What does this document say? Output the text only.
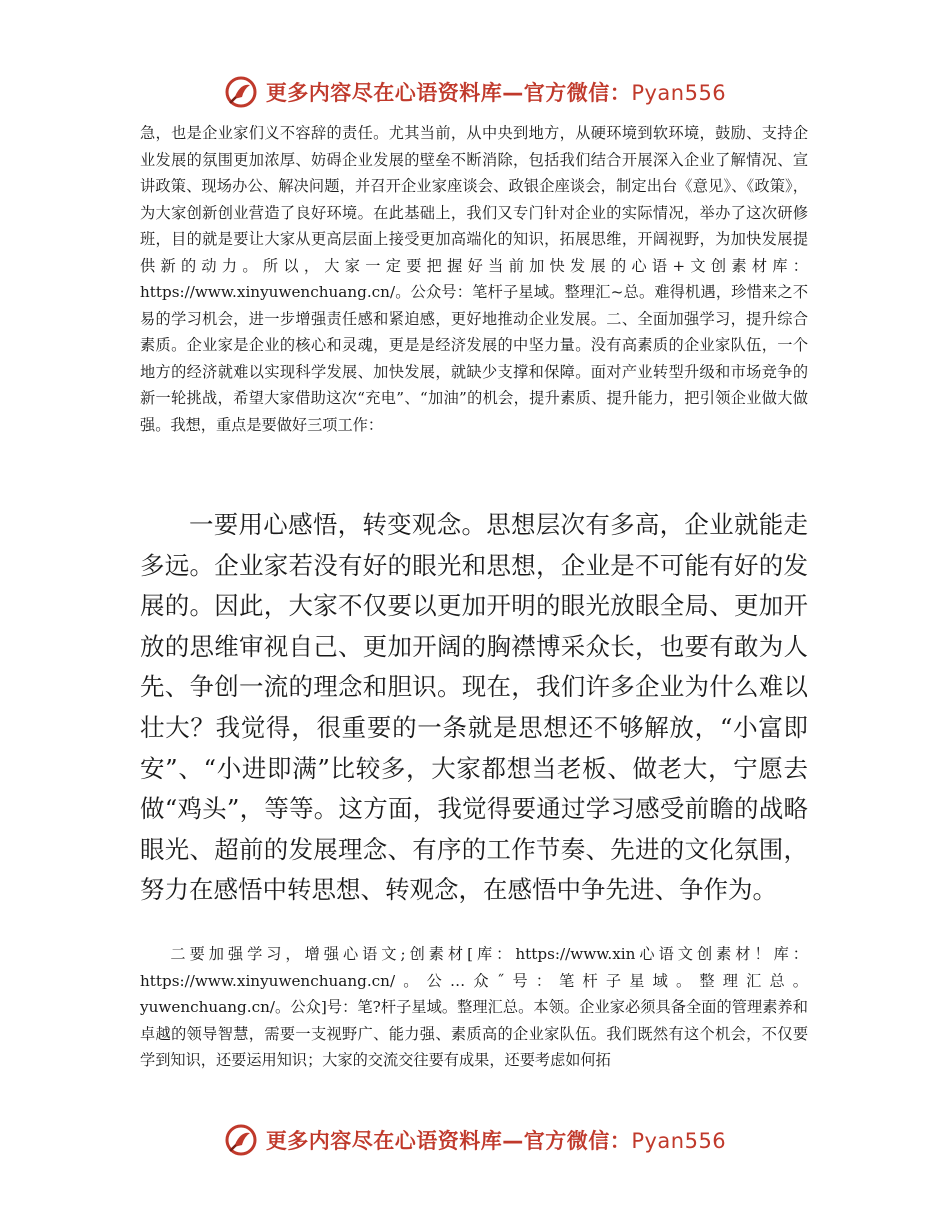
更多内容尽在心语资料库—官方微信：Pyan556

急，也是企业家们义不容辞的责任。尤其当前，从中央到地方，从硬环境到软环境，鼓励、支持企业发展的氛围更加浓厚、妨碍企业发展的壁垒不断消除，包括我们结合开展深入企业了解情况、宣讲政策、现场办公、解决问题，并召开企业家座谈会、政银企座谈会，制定出台《意见》、《政策》，为大家创新创业营造了良好环境。在此基础上，我们又专门针对企业的实际情况，举办了这次研修班，目的就是要让大家从更高层面上接受更加高端化的知识，拓展思维，开阔视野，为加快发展提供新的动力。所以，大家一定要把握好当前加快发展的心语+文创素材库：https://www.xinyuwenchuang.cn/。公众号：笔杆子星域。整理汇~总。难得机遇，珍惜来之不易的学习机会，进一步增强责任感和紧迫感，更好地推动企业发展。二、全面加强学习，提升综合素质。企业家是企业的核心和灵魂，更是是经济发展的中坚力量。没有高素质的企业家队伍，一个地方的经济就难以实现科学发展、加快发展，就缺少支撑和保障。面对产业转型升级和市场竞争的新一轮挑战，希望大家借助这次“充电”、“加油”的机会，提升素质、提升能力，把引领企业做大做强。我想，重点是要做好三项工作：

一要用心感悟，转变观念。思想层次有多高，企业就能走多远。企业家若没有好的眼光和思想，企业是不可能有好的发展的。因此，大家不仅要以更加开明的眼光放眼全局、更加开放的思维审视自己、更加开阔的胸襟博采众长，也要有敢为人先、争创一流的理念和胆识。现在，我们许多企业为什么难以壮大？我觉得，很重要的一条就是思想还不够解放，“小富即安”、“小进即满”比较多，大家都想当老板、做老大，宁愿去做“鸡头”，等等。这方面，我觉得要通过学习感受前瞻的战略眼光、超前的发展理念、有序的工作节奏、先进的文化氛围，努力在感悟中转思想、转观念，在感悟中争先进、争作为。

二要加强学习，增强心语文;创素材[库：https://www.xin心语文创素材！库：https://www.xinyuwenchuang.cn/。公…众˝号：笔杆子星域。整理汇总。yuwenchuang.cn/。公众]号：笔?杆子星域。整理汇总。本领。企业家必须具备全面的管理素养和卓越的领导智慧，需要一支视野广、能力强、素质高的企业家队伍。我们既然有这个机会，不仅要学到知识，还要运用知识；大家的交流交往要有成果，还要考虑如何拓

更多内容尽在心语资料库—官方微信：Pyan556
